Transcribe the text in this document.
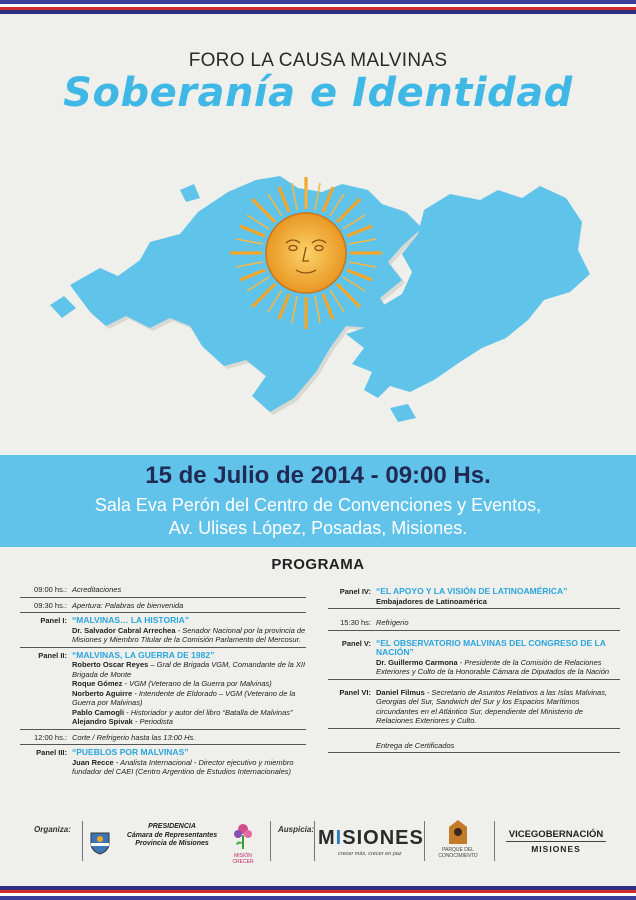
FORO LA CAUSA MALVINAS
Soberanía e Identidad
15 de Julio de 2014 - 09:00 Hs.
Sala Eva Perón del Centro de Convenciones y Eventos,
Av. Ulises López, Posadas, Misiones.
PROGRAMA
09:00 hs.: Acreditaciones
09:30 hs.: Apertura: Palabras de bienvenida
Panel I: “MALVINAS… LA HISTORIA”
Dr. Salvador Cabral Arrechea - Senador Nacional por la provincia de Misiones y Miembro Titular de la Comisión Parlamento del Mercosur.
Panel II: “MALVINAS, LA GUERRA DE 1982”
Roberto Oscar Reyes – Gral de Brigada VGM, Comandante de la XII Brigada de Monte
Roque Gómez - VGM (Veterano de la Guerra por Malvinas)
Norberto Aguirre - Intendente de Eldorado – VGM (Veterano de la Guerra por Malvinas)
Pablo Camogli - Historiador y autor del libro “Batalla de Malvinas”
Alejandro Spivak - Periodista
12:00 hs.: Corte / Refrigerio hasta las 13:00 Hs.
Panel III: “PUEBLOS POR MALVINAS”
Juan Recce - Analista Internacional - Director ejecutivo y miembro fundador del CAEI (Centro Argentino de Estudios Internacionales)
Panel IV: “EL APOYO Y LA VISIÓN DE LATINOAMÉRICA”
Embajadores de Latinoamérica
15:30 hs: Refrigerio
Panel V: “EL OBSERVATORIO MALVINAS DEL CONGRESO DE LA NACIÓN”
Dr. Guillermo Carmona - Presidente de la Comisión de Relaciones Exteriores y Culto de la Honorable Cámara de Diputados de la Nación
Panel VI: Daniel Filmus - Secretario de Asuntos Relativos a las Islas Malvinas, Georgias del Sur, Sandwich del Sur y los Espacios Marítimos circundantes en el Atlántico Sur, dependiente del Ministerio de Relaciones Exteriores y Culto.
Entrega de Certificados
Organiza:	PRESIDENCIA
Cámara de Representantes
Provincia de Misiones
MISIÓN CRECER
Auspicia: MISIONES
crecer más, crecer en paz
PARQUE DEL CONOCIMIENTO
VICEGOBERNACIÓN
MISIONES
